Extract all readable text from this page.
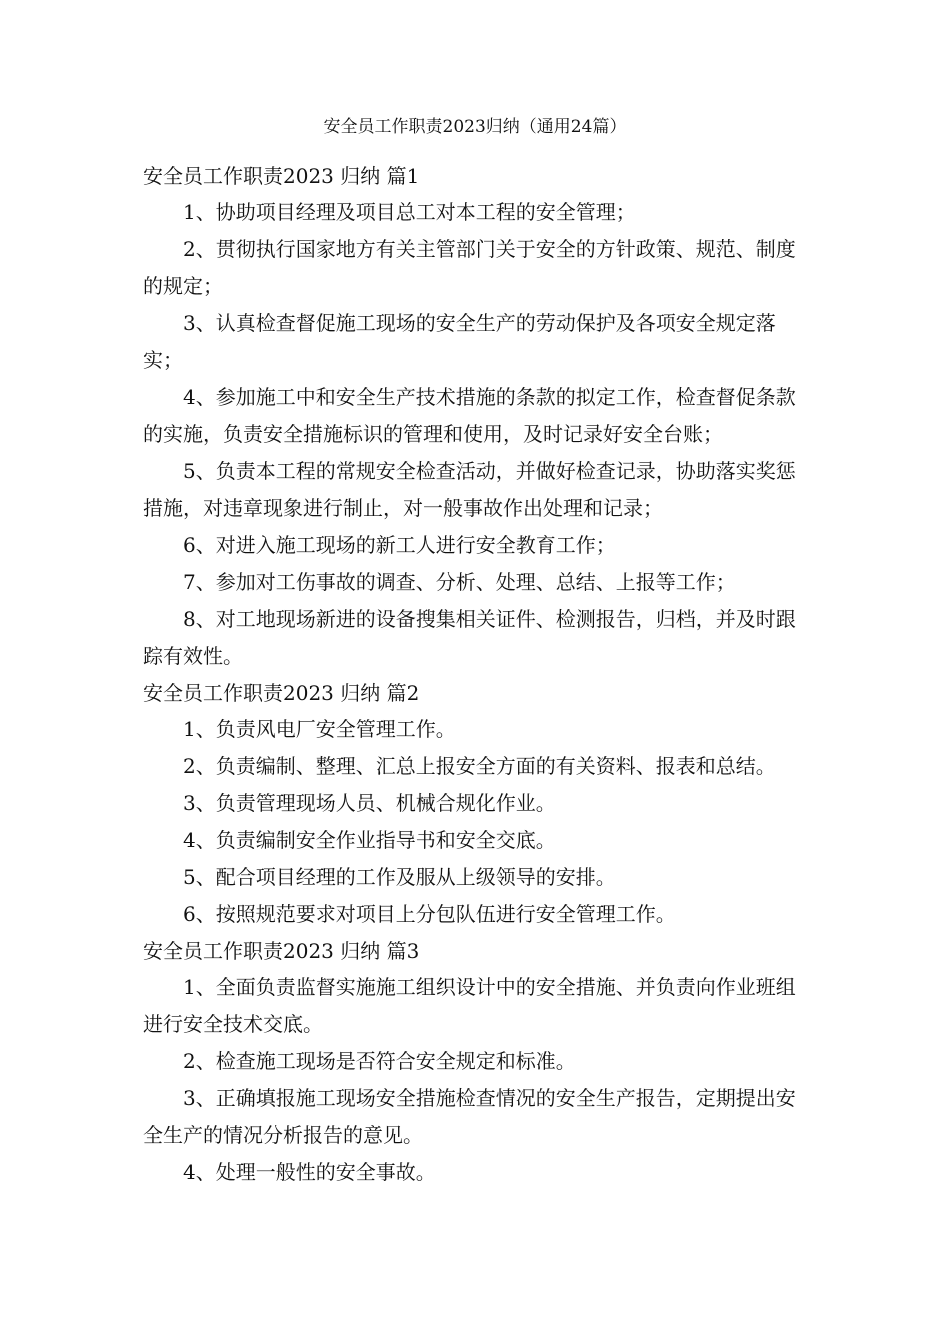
安全员工作职责2023归纳（通用24篇）

安全员工作职责2023 归纳 篇1

1、协助项目经理及项目总工对本工程的安全管理；

2、贯彻执行国家地方有关主管部门关于安全的方针政策、规范、制度的规定；

3、认真检查督促施工现场的安全生产的劳动保护及各项安全规定落实；

4、参加施工中和安全生产技术措施的条款的拟定工作，检查督促条款的实施，负责安全措施标识的管理和使用，及时记录好安全台账；

5、负责本工程的常规安全检查活动，并做好检查记录，协助落实奖惩措施，对违章现象进行制止，对一般事故作出处理和记录；

6、对进入施工现场的新工人进行安全教育工作；

7、参加对工伤事故的调查、分析、处理、总结、上报等工作；

8、对工地现场新进的设备搜集相关证件、检测报告，归档，并及时跟踪有效性。

安全员工作职责2023 归纳 篇2

1、负责风电厂安全管理工作。

2、负责编制、整理、汇总上报安全方面的有关资料、报表和总结。

3、负责管理现场人员、机械合规化作业。

4、负责编制安全作业指导书和安全交底。

5、配合项目经理的工作及服从上级领导的安排。

6、按照规范要求对项目上分包队伍进行安全管理工作。

安全员工作职责2023 归纳 篇3

1、全面负责监督实施施工组织设计中的安全措施、并负责向作业班组进行安全技术交底。

2、检查施工现场是否符合安全规定和标准。

3、正确填报施工现场安全措施检查情况的安全生产报告，定期提出安全生产的情况分析报告的意见。

4、处理一般性的安全事故。
